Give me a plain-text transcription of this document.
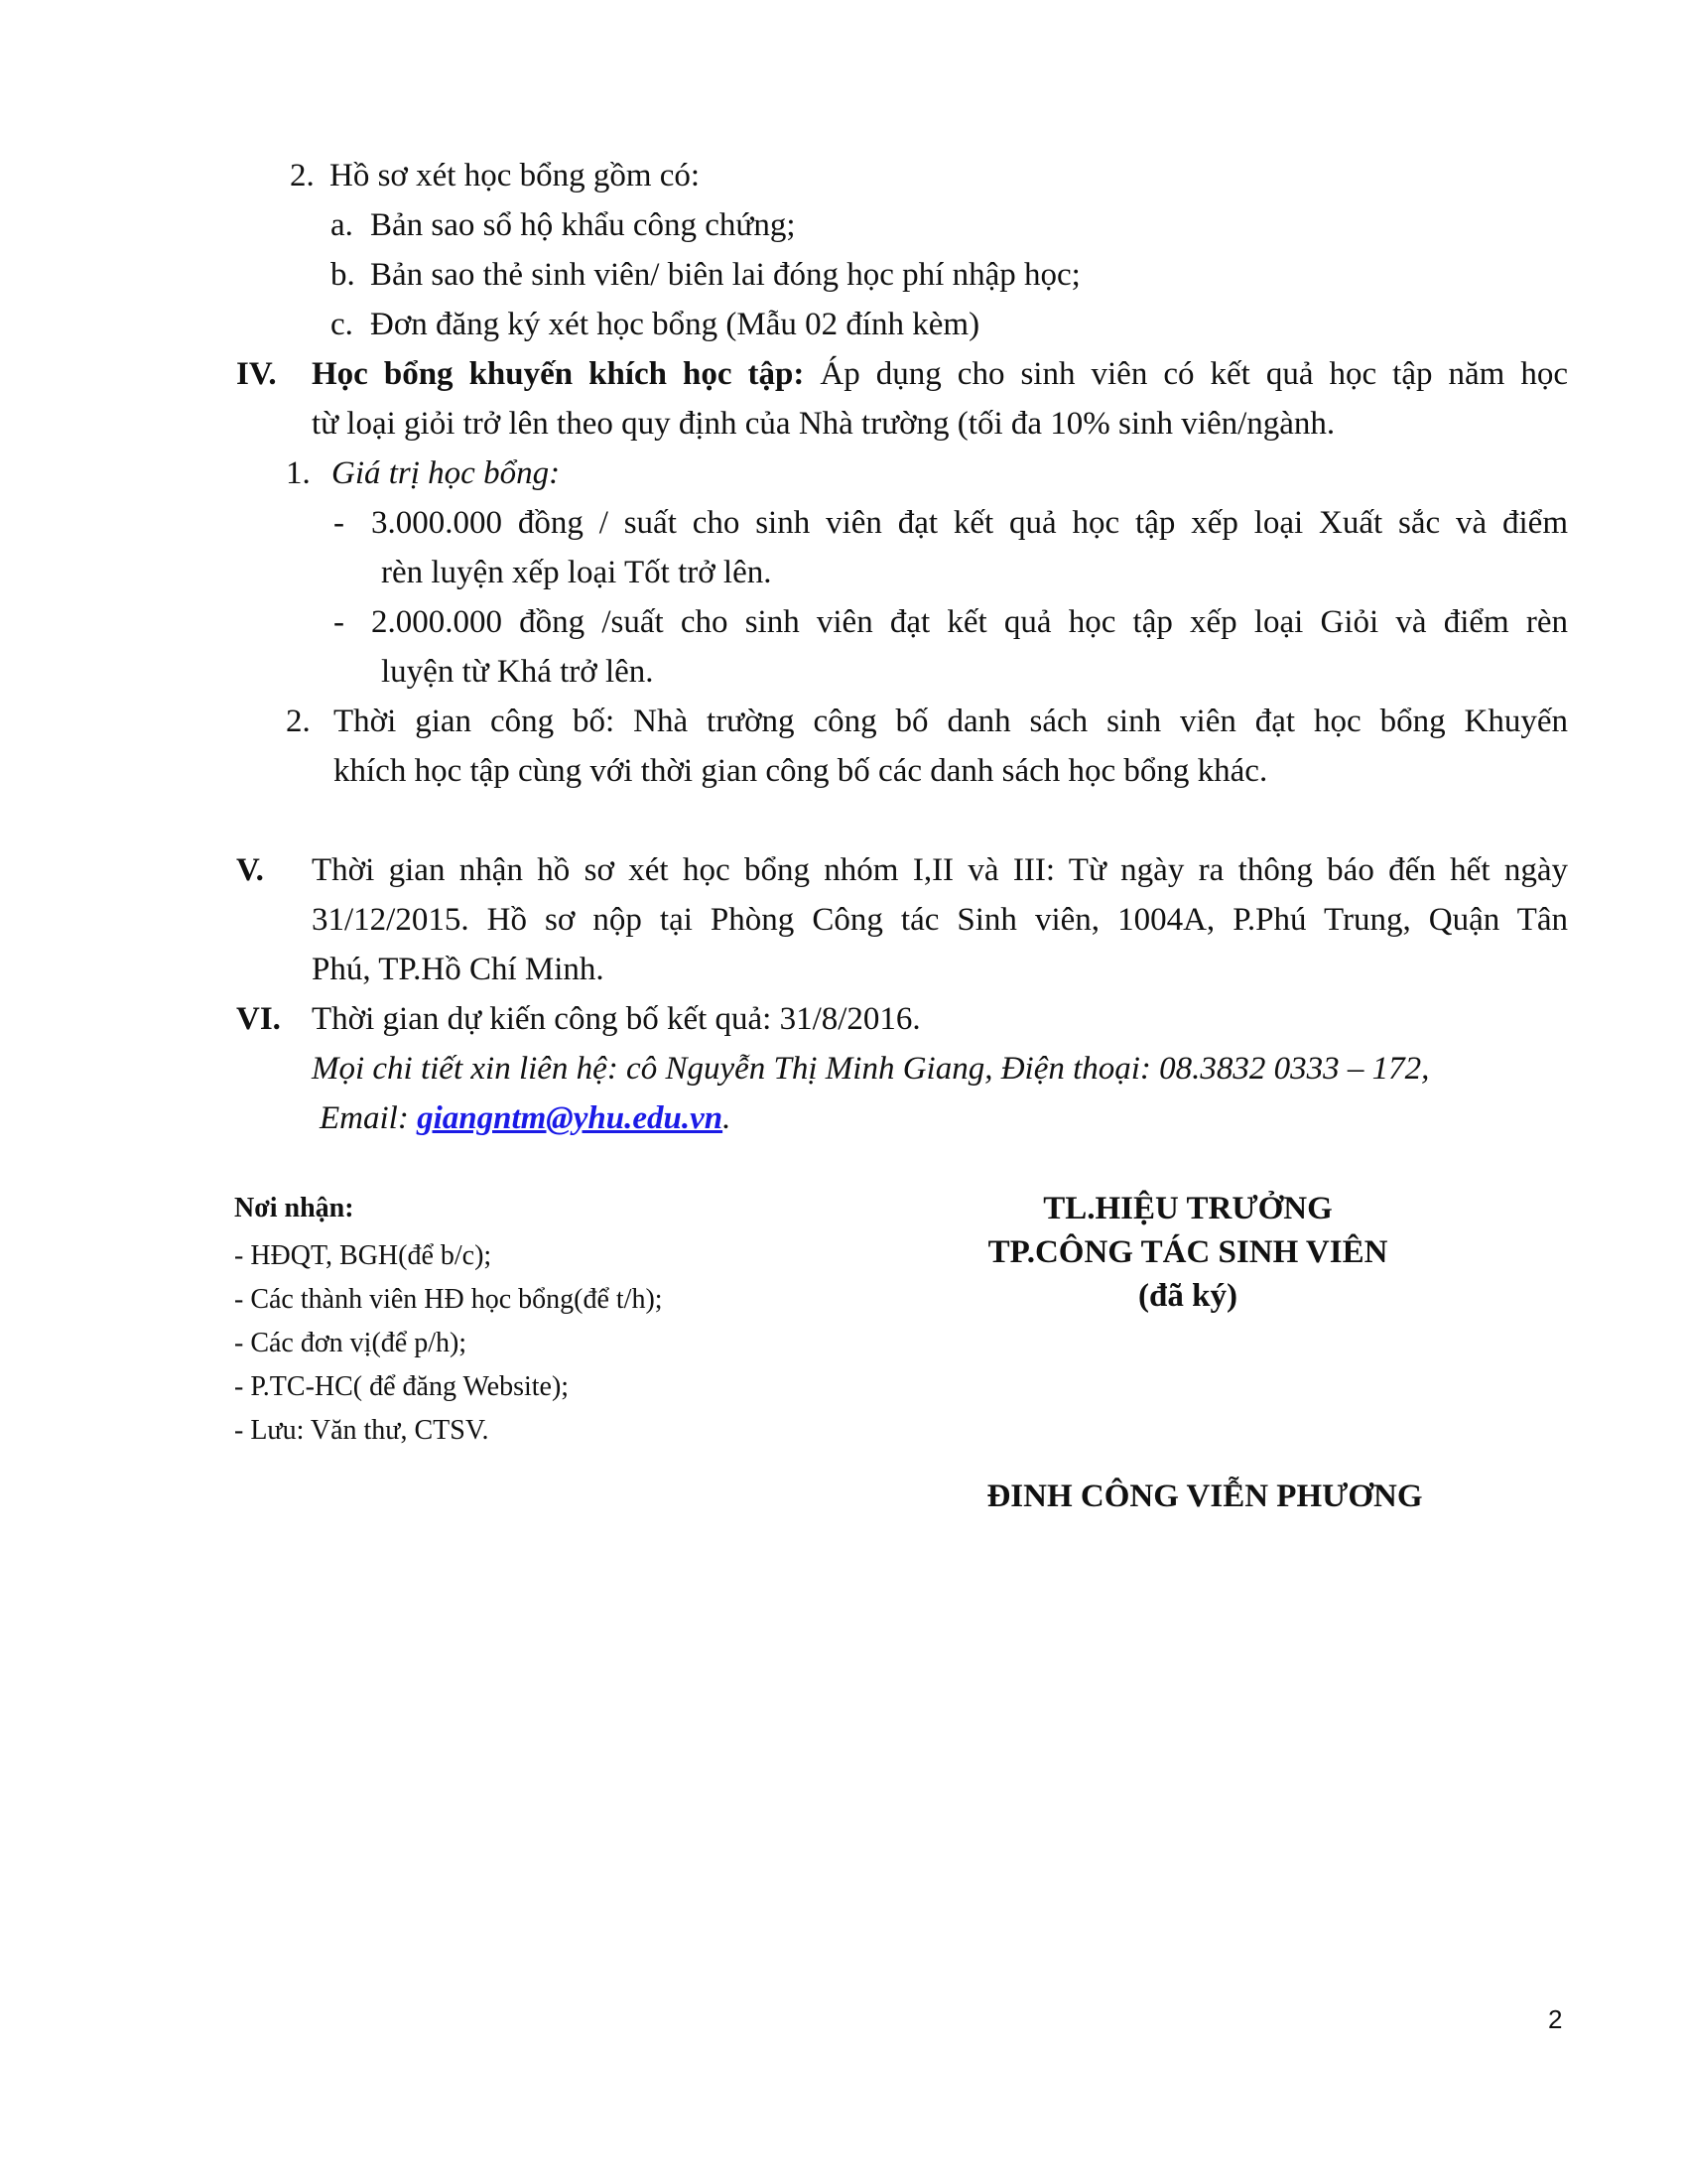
2. Hồ sơ xét học bổng gồm có:
a. Bản sao sổ hộ khẩu công chứng;
b. Bản sao thẻ sinh viên/ biên lai đóng học phí nhập học;
c. Đơn đăng ký xét học bổng (Mẫu 02 đính kèm)
IV. Học bổng khuyến khích học tập: Áp dụng cho sinh viên có kết quả học tập năm học
từ loại giỏi trở lên theo quy định của Nhà trường (tối đa 10% sinh viên/ngành.
1. Giá trị học bổng:
- 3.000.000 đồng / suất cho sinh viên đạt kết quả học tập xếp loại Xuất sắc và điểm
rèn luyện xếp loại Tốt trở lên.
- 2.000.000 đồng /suất cho sinh viên đạt kết quả học tập xếp loại Giỏi và điểm rèn
luyện từ Khá trở lên.
2. Thời gian công bố: Nhà trường công bố danh sách sinh viên đạt học bổng Khuyến
khích học tập cùng với thời gian công bố các danh sách học bổng khác.
V. Thời gian nhận hồ sơ xét học bổng nhóm I,II và III: Từ ngày ra thông báo đến hết ngày
31/12/2015. Hồ sơ nộp tại Phòng Công tác Sinh viên, 1004A, P.Phú Trung, Quận Tân
Phú, TP.Hồ Chí Minh.
VI. Thời gian dự kiến công bố kết quả: 31/8/2016.
Mọi chi tiết xin liên hệ: cô Nguyễn Thị Minh Giang, Điện thoại: 08.3832 0333 – 172,
Email: giangntm@yhu.edu.vn.
Nơi nhận:
- HĐQT, BGH(để b/c);
- Các thành viên HĐ học bổng(để t/h);
- Các đơn vị(để p/h);
- P.TC-HC( để đăng Website);
- Lưu: Văn thư, CTSV.
TL.HIỆU TRƯỞNG
TP.CÔNG TÁC SINH VIÊN
(đã ký)
ĐINH CÔNG VIỄN PHƯƠNG
2
